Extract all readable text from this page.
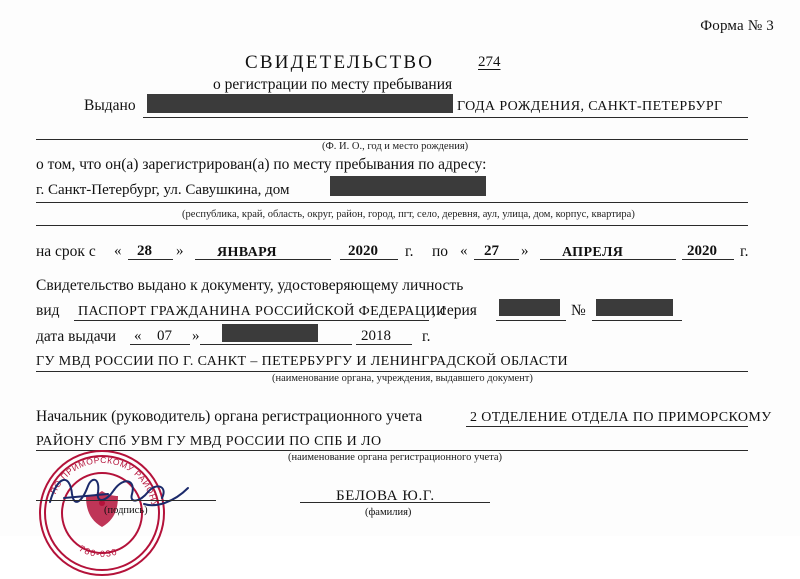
Форма № 3
СВИДЕТЕЛЬСТВО	274
о регистрации по месту пребывания
Выдано	ГОДА РОЖДЕНИЯ, САНКТ-ПЕТЕРБУРГ
(Ф. И. О., год и место рождения)
о том, что он(а) зарегистрирован(а) по месту пребывания по адресу:
г. Санкт-Петербург, ул. Савушкина, дом
(республика, край, область, округ, район, город, пгт, село, деревня, аул, улица, дом, корпус, квартира)
на срок с « 28 » ЯНВАРЯ	2020 г. по « 27 » АПРЕЛЯ	2020 г.
Свидетельство выдано к документу, удостоверяющему личность
вид ПАСПОРТ ГРАЖДАНИНА РОССИЙСКОЙ ФЕДЕРАЦИИ
, серия	№
дата выдачи « 07 »	2018 г.
ГУ МВД РОССИИ ПО Г. САНКТ – ПЕТЕРБУРГУ И ЛЕНИНГРАДСКОЙ ОБЛАСТИ
(наименование органа, учреждения, выдавшего документ)
Начальник (руководитель) органа регистрационного учета	2 ОТДЕЛЕНИЕ ОТДЕЛА ПО ПРИМОРСКОМУ
РАЙОНУ СПб УВМ ГУ МВД РОССИИ ПО СПБ И ЛО
(наименование органа регистрационного учета)
ПО ПРИМОРСКОМУ РАЙОНУ
780-030
(подпись)
БЕЛОВА Ю.Г.
(фамилия)
